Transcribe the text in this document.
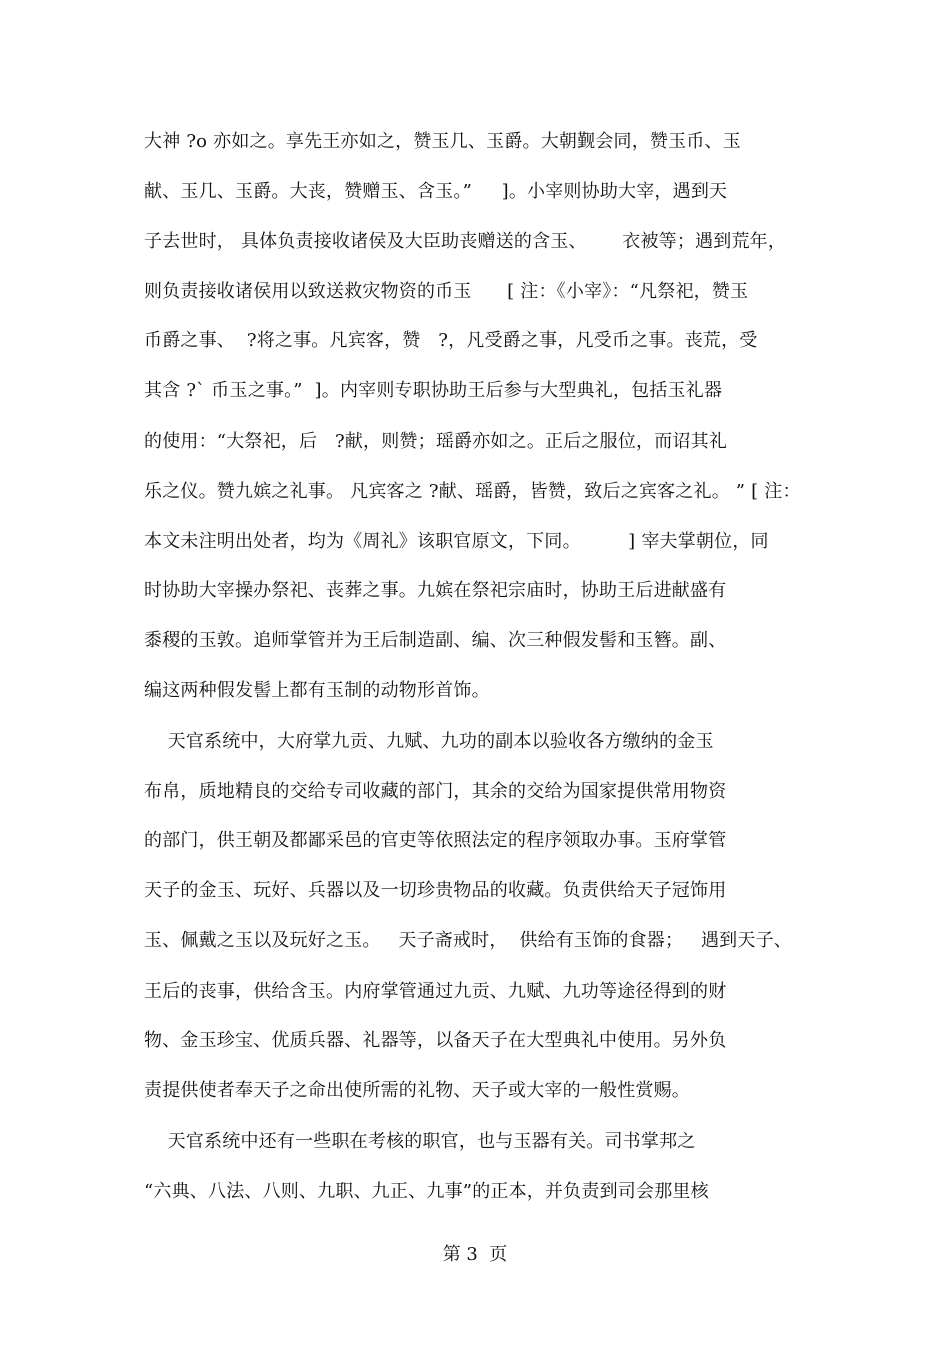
大神 ?o 亦如之。享先王亦如之，赞玉几、玉爵。大朝觐会同，赞玉币、玉
献、玉几、玉爵。大丧，赞赠玉、含玉。”     ]。小宰则协助大宰，遇到天
子去世时， 具体负责接收诸侯及大臣助丧赠送的含玉、      衣被等；遇到荒年，
则负责接收诸侯用以致送救灾物资的币玉      [ 注：《小宰》：“凡祭祀，赞玉
币爵之事、  ?将之事。凡宾客，赞   ?，凡受爵之事，凡受币之事。丧荒，受
其含 ?` 币玉之事。”  ]。内宰则专职协助王后参与大型典礼，包括玉礼器
的使用：“大祭祀，后   ?献，则赞；瑶爵亦如之。正后之服位，而诏其礼
乐之仪。赞九嫔之礼事。 凡宾客之 ?献、瑶爵，皆赞，致后之宾客之礼。 ” [ 注：
本文未注明出处者，均为《周礼》该职官原文，下同。        ] 宰夫掌朝位，同
时协助大宰操办祭祀、丧葬之事。九嫔在祭祀宗庙时，协助王后进献盛有
黍稷的玉敦。追师掌管并为王后制造副、编、次三种假发髻和玉簪。副、
编这两种假发髻上都有玉制的动物形首饰。
天官系统中，大府掌九贡、九赋、九功的副本以验收各方缴纳的金玉
布帛，质地精良的交给专司收藏的部门，其余的交给为国家提供常用物资
的部门，供王朝及都鄙采邑的官吏等依照法定的程序领取办事。玉府掌管
天子的金玉、玩好、兵器以及一切珍贵物品的收藏。负责供给天子冠饰用
玉、佩戴之玉以及玩好之玉。   天子斋戒时，  供给有玉饰的食器；   遇到天子、
王后的丧事，供给含玉。内府掌管通过九贡、九赋、九功等途径得到的财
物、金玉珍宝、优质兵器、礼器等，以备天子在大型典礼中使用。另外负
责提供使者奉天子之命出使所需的礼物、天子或大宰的一般性赏赐。
天官系统中还有一些职在考核的职官，也与玉器有关。司书掌邦之
“六典、八法、八则、九职、九正、九事”的正本，并负责到司会那里核
第 3  页
